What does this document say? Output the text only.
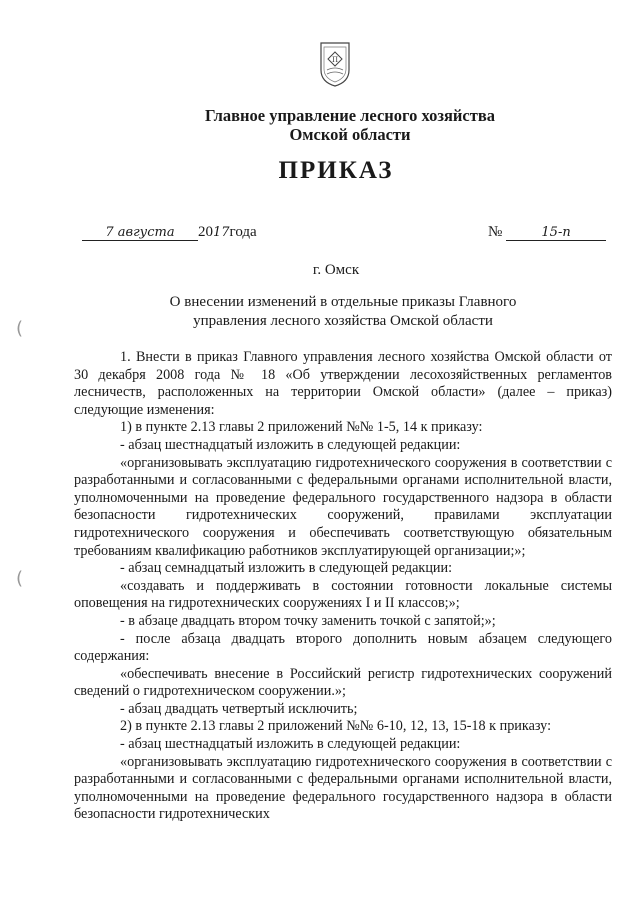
П
Главное управление лесного хозяйства
Омской области
ПРИКАЗ
7 августа 2017года	№	15-п
г. Омск
О внесении изменений в отдельные приказы Главного
управления лесного хозяйства Омской области

1. Внести в приказ Главного управления лесного хозяйства Омской области от 30 декабря 2008 года № 18 «Об утверждении лесохозяйственных регламентов лесничеств, расположенных на территории Омской области» (далее – приказ) следующие изменения:

1) в пункте 2.13 главы 2 приложений №№ 1-5, 14 к приказу:

- абзац шестнадцатый изложить в следующей редакции:

«организовывать эксплуатацию гидротехнического сооружения в соответствии с разработанными и согласованными с федеральными органами исполнительной власти, уполномоченными на проведение федерального государственного надзора в области безопасности гидротехнических сооружений, правилами эксплуатации гидротехнического сооружения и обеспечивать соответствующую обязательным требованиям квалификацию работников эксплуатирующей организации;»;

- абзац семнадцатый изложить в следующей редакции:

«создавать и поддерживать в состоянии готовности локальные системы оповещения на гидротехнических сооружениях I и II классов;»;

- в абзаце двадцать втором точку заменить точкой с запятой;»;

- после абзаца двадцать второго дополнить новым абзацем следующего содержания:

«обеспечивать внесение в Российский регистр гидротехнических сооружений сведений о гидротехническом сооружении.»;

- абзац двадцать четвертый исключить;

2) в пункте 2.13 главы 2 приложений №№ 6-10, 12, 13, 15-18 к приказу:

- абзац шестнадцатый изложить в следующей редакции:

«организовывать эксплуатацию гидротехнического сооружения в соответствии с разработанными и согласованными с федеральными органами исполнительной власти, уполномоченными на проведение федерального государственного надзора в области безопасности гидротехнических

(
(
